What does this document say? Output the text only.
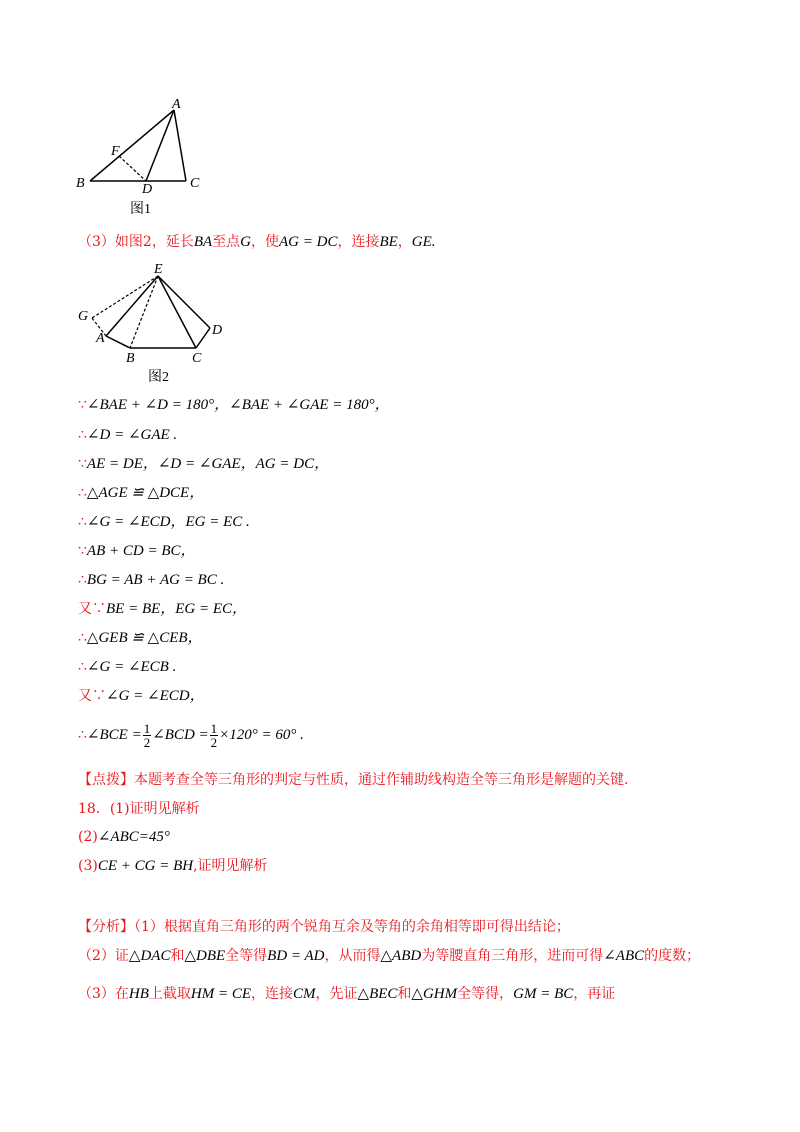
A
B	C
D
F
图1
（3）如图2，延长BA至点G，使AG = DC，连接BE，GE.
E
G
A
B	C
D
图2
∵∠BAE + ∠D = 180°，∠BAE + ∠GAE = 180°，
∴∠D = ∠GAE .
∵AE = DE，∠D = ∠GAE，AG = DC，
∴△AGE ≌ △DCE，
∴∠G = ∠ECD，EG = EC .
∵AB + CD = BC，
∴BG = AB + AG = BC .
又∵BE = BE，EG = EC，
∴△GEB ≌ △CEB，
∴∠G = ∠ECB .
又∵∠G = ∠ECD，
∴∠BCE = $\frac{1}{2}$ ∠BCD = $\frac{1}{2} \times 120^\circ = 60^\circ$ .
【点拨】本题考查全等三角形的判定与性质，通过作辅助线构造全等三角形是解题的关键.
18．(1)证明见解析
(2)∠ABC=45°
(3)CE + CG = BH,证明见解析
【分析】（1）根据直角三角形的两个锐角互余及等角的余角相等即可得出结论；
（2）证△DAC和△DBE全等得BD = AD，从而得△ABD为等腰直角三角形，进而可得∠ABC的度数；
（3）在HB上截取HM = CE，连接CM，先证△BEC和△GHM全等得，GM = BC，再证
